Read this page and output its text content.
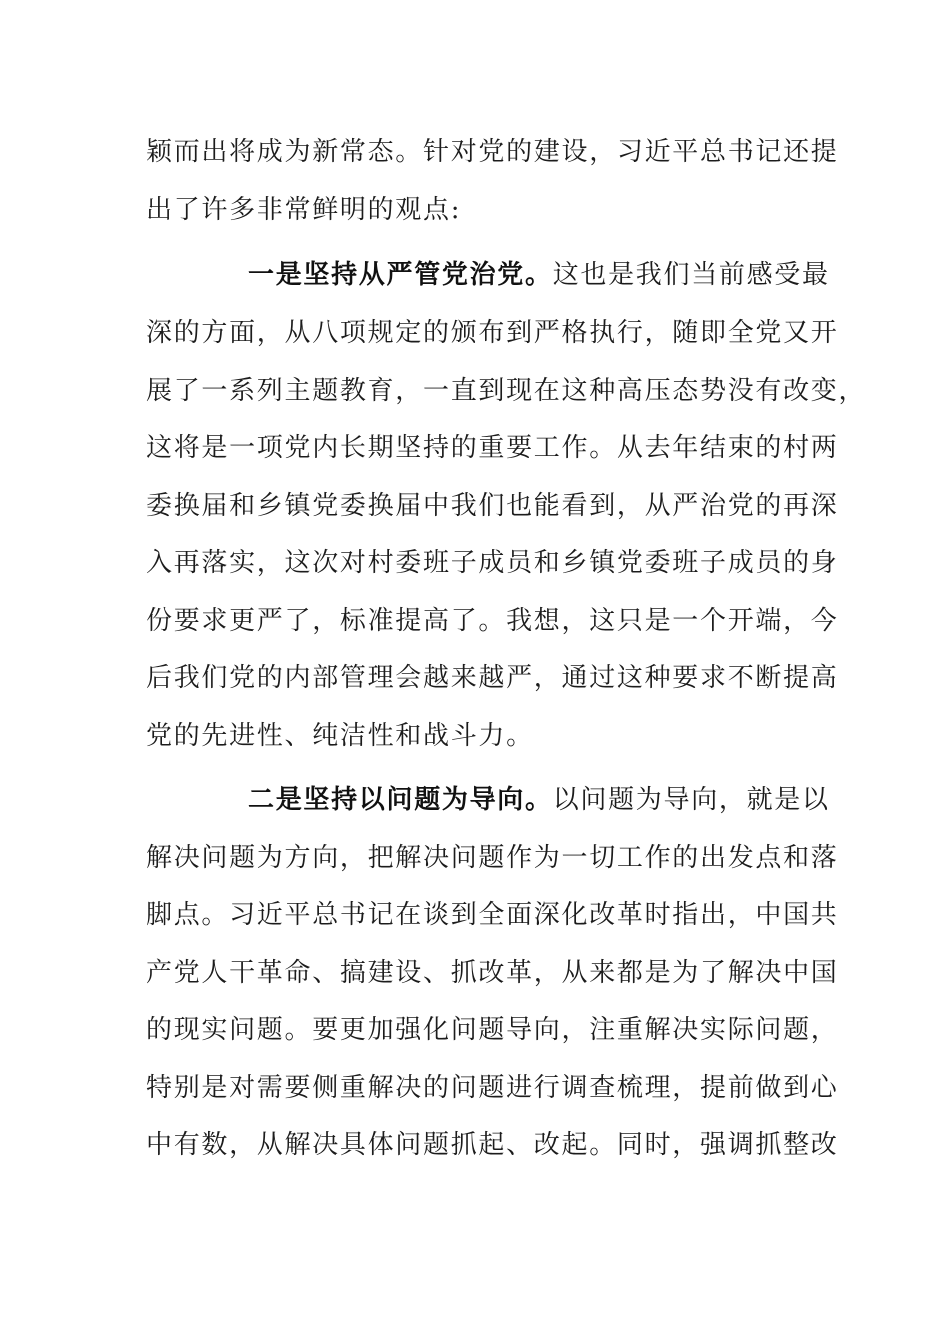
颖而出将成为新常态。针对党的建设，习近平总书记还提
出了许多非常鲜明的观点:
一是坚持从严管党治党。这也是我们当前感受最
深的方面，从八项规定的颁布到严格执行，随即全党又开
展了一系列主题教育，一直到现在这种高压态势没有改变，
这将是一项党内长期坚持的重要工作。从去年结束的村两
委换届和乡镇党委换届中我们也能看到，从严治党的再深
入再落实，这次对村委班子成员和乡镇党委班子成员的身
份要求更严了，标准提高了。我想，这只是一个开端，今
后我们党的内部管理会越来越严，通过这种要求不断提高
党的先进性、纯洁性和战斗力。
二是坚持以问题为导向。以问题为导向，就是以
解决问题为方向，把解决问题作为一切工作的出发点和落
脚点。习近平总书记在谈到全面深化改革时指出，中国共
产党人干革命、搞建设、抓改革，从来都是为了解决中国
的现实问题。要更加强化问题导向，注重解决实际问题，
特别是对需要侧重解决的问题进行调查梳理，提前做到心
中有数，从解决具体问题抓起、改起。同时，强调抓整改
